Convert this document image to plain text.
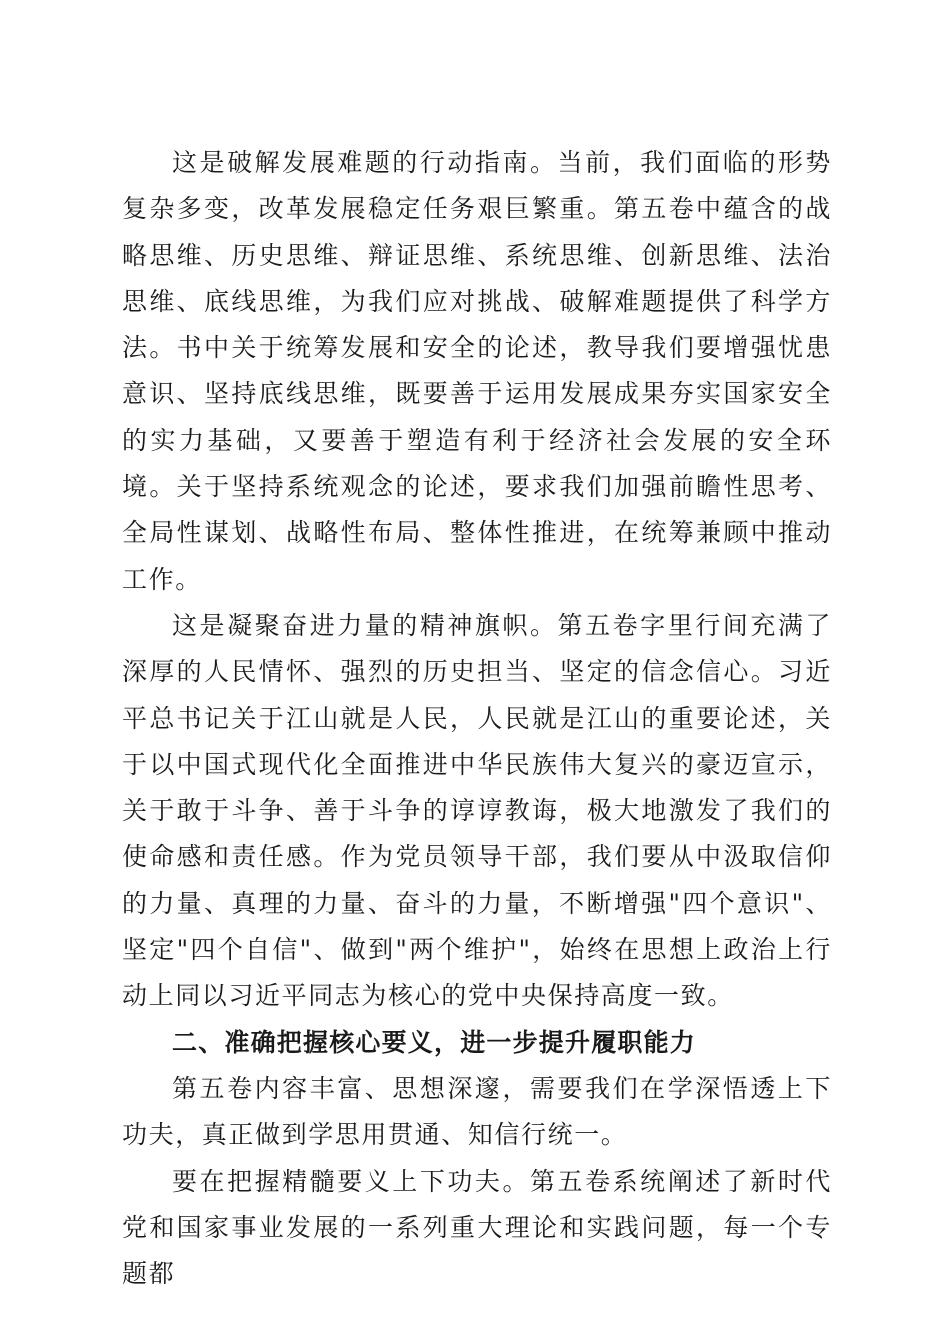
这是破解发展难题的行动指南。当前，我们面临的形势复杂多变，改革发展稳定任务艰巨繁重。第五卷中蕴含的战略思维、历史思维、辩证思维、系统思维、创新思维、法治思维、底线思维，为我们应对挑战、破解难题提供了科学方法。书中关于统筹发展和安全的论述，教导我们要增强忧患意识、坚持底线思维，既要善于运用发展成果夯实国家安全的实力基础，又要善于塑造有利于经济社会发展的安全环境。关于坚持系统观念的论述，要求我们加强前瞻性思考、全局性谋划、战略性布局、整体性推进，在统筹兼顾中推动工作。

这是凝聚奋进力量的精神旗帜。第五卷字里行间充满了深厚的人民情怀、强烈的历史担当、坚定的信念信心。习近平总书记关于江山就是人民，人民就是江山的重要论述，关于以中国式现代化全面推进中华民族伟大复兴的豪迈宣示，关于敢于斗争、善于斗争的谆谆教诲，极大地激发了我们的使命感和责任感。作为党员领导干部，我们要从中汲取信仰的力量、真理的力量、奋斗的力量，不断增强"四个意识"、坚定"四个自信"、做到"两个维护"，始终在思想上政治上行动上同以习近平同志为核心的党中央保持高度一致。

二、准确把握核心要义，进一步提升履职能力

第五卷内容丰富、思想深邃，需要我们在学深悟透上下功夫，真正做到学思用贯通、知信行统一。

要在把握精髓要义上下功夫。第五卷系统阐述了新时代党和国家事业发展的一系列重大理论和实践问题，每一个专题都
